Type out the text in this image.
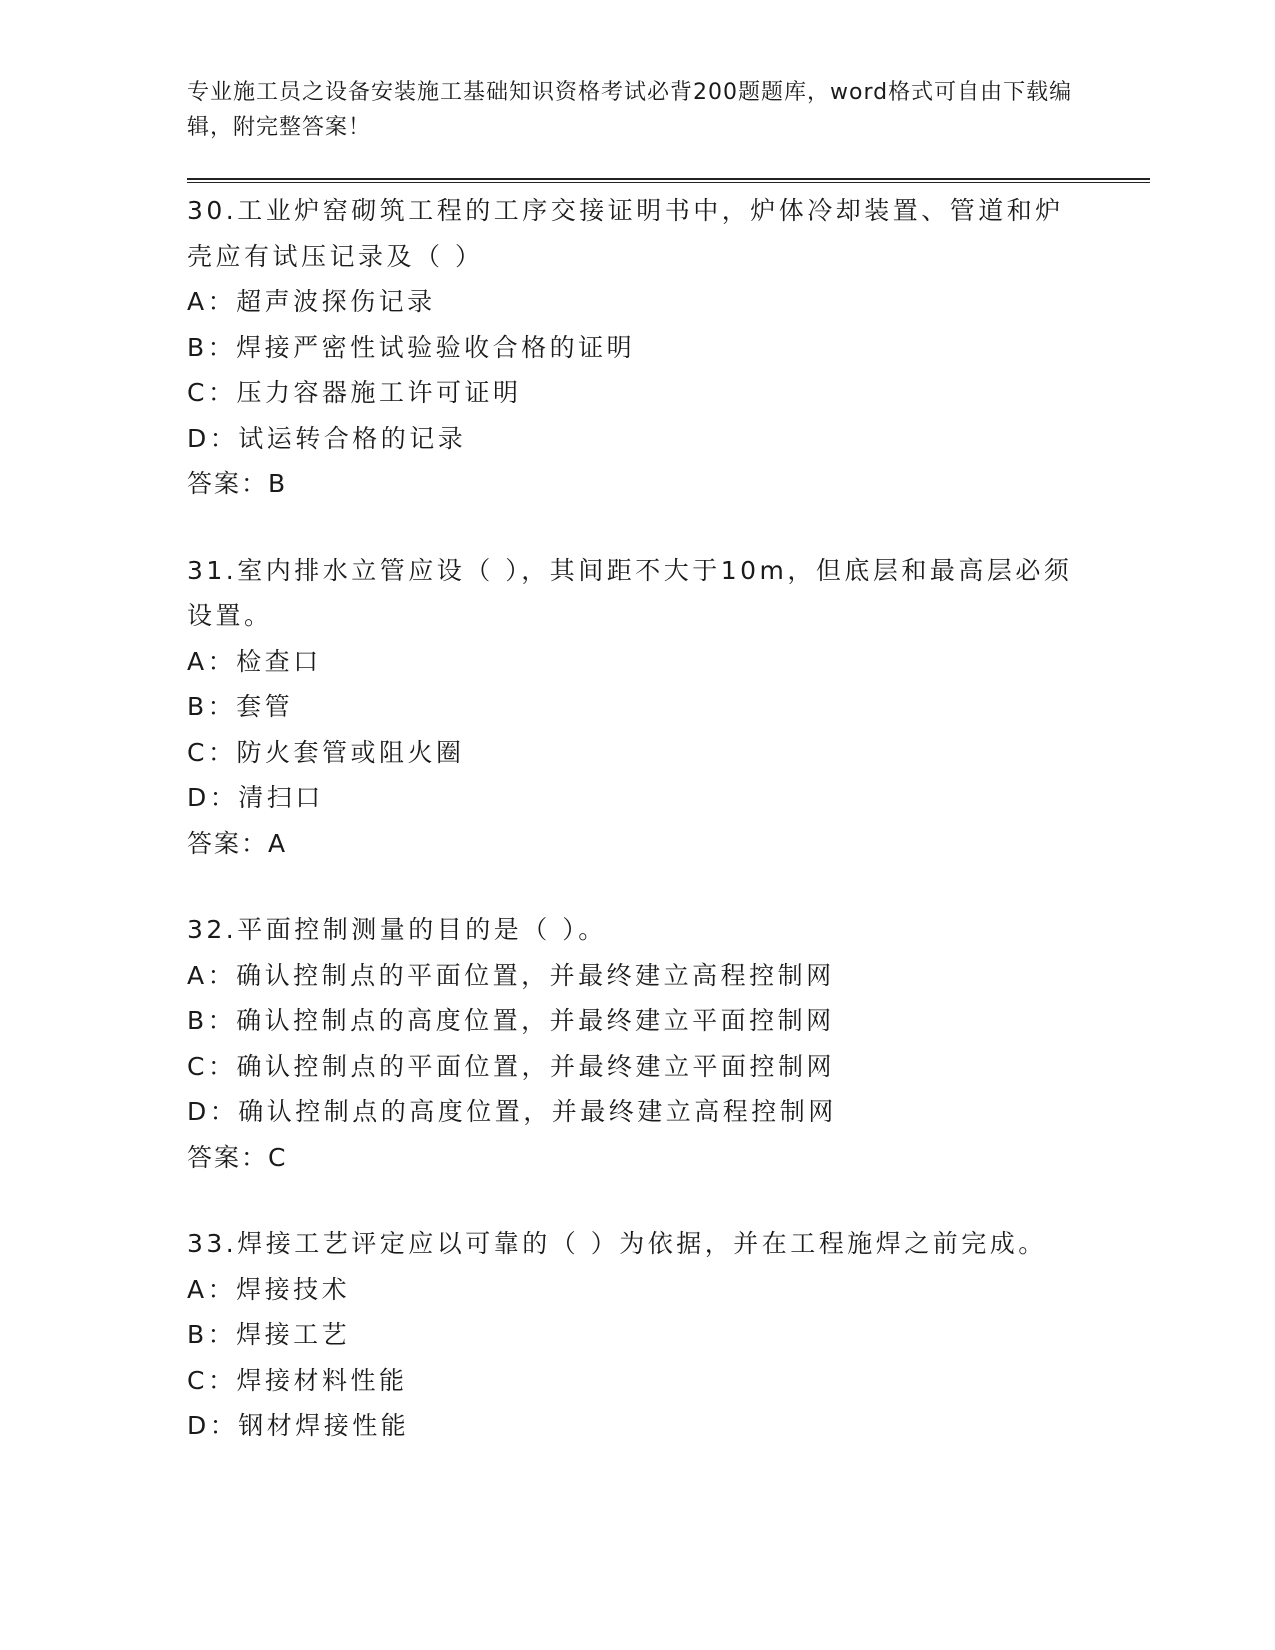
专业施工员之设备安装施工基础知识资格考试必背200题题库，word格式可自由下载编辑，附完整答案！

30.工业炉窑砌筑工程的工序交接证明书中，炉体冷却装置、管道和炉壳应有试压记录及（ ）

A：超声波探伤记录

B：焊接严密性试验验收合格的证明

C：压力容器施工许可证明

D：试运转合格的记录

答案：B

31.室内排水立管应设（ ），其间距不大于10m，但底层和最高层必须设置。

A：检查口

B：套管

C：防火套管或阻火圈

D：清扫口

答案：A

32.平面控制测量的目的是（ ）。

A：确认控制点的平面位置，并最终建立高程控制网

B：确认控制点的高度位置，并最终建立平面控制网

C：确认控制点的平面位置，并最终建立平面控制网

D：确认控制点的高度位置，并最终建立高程控制网

答案：C

33.焊接工艺评定应以可靠的（ ）为依据，并在工程施焊之前完成。

A：焊接技术

B：焊接工艺

C：焊接材料性能

D：钢材焊接性能
